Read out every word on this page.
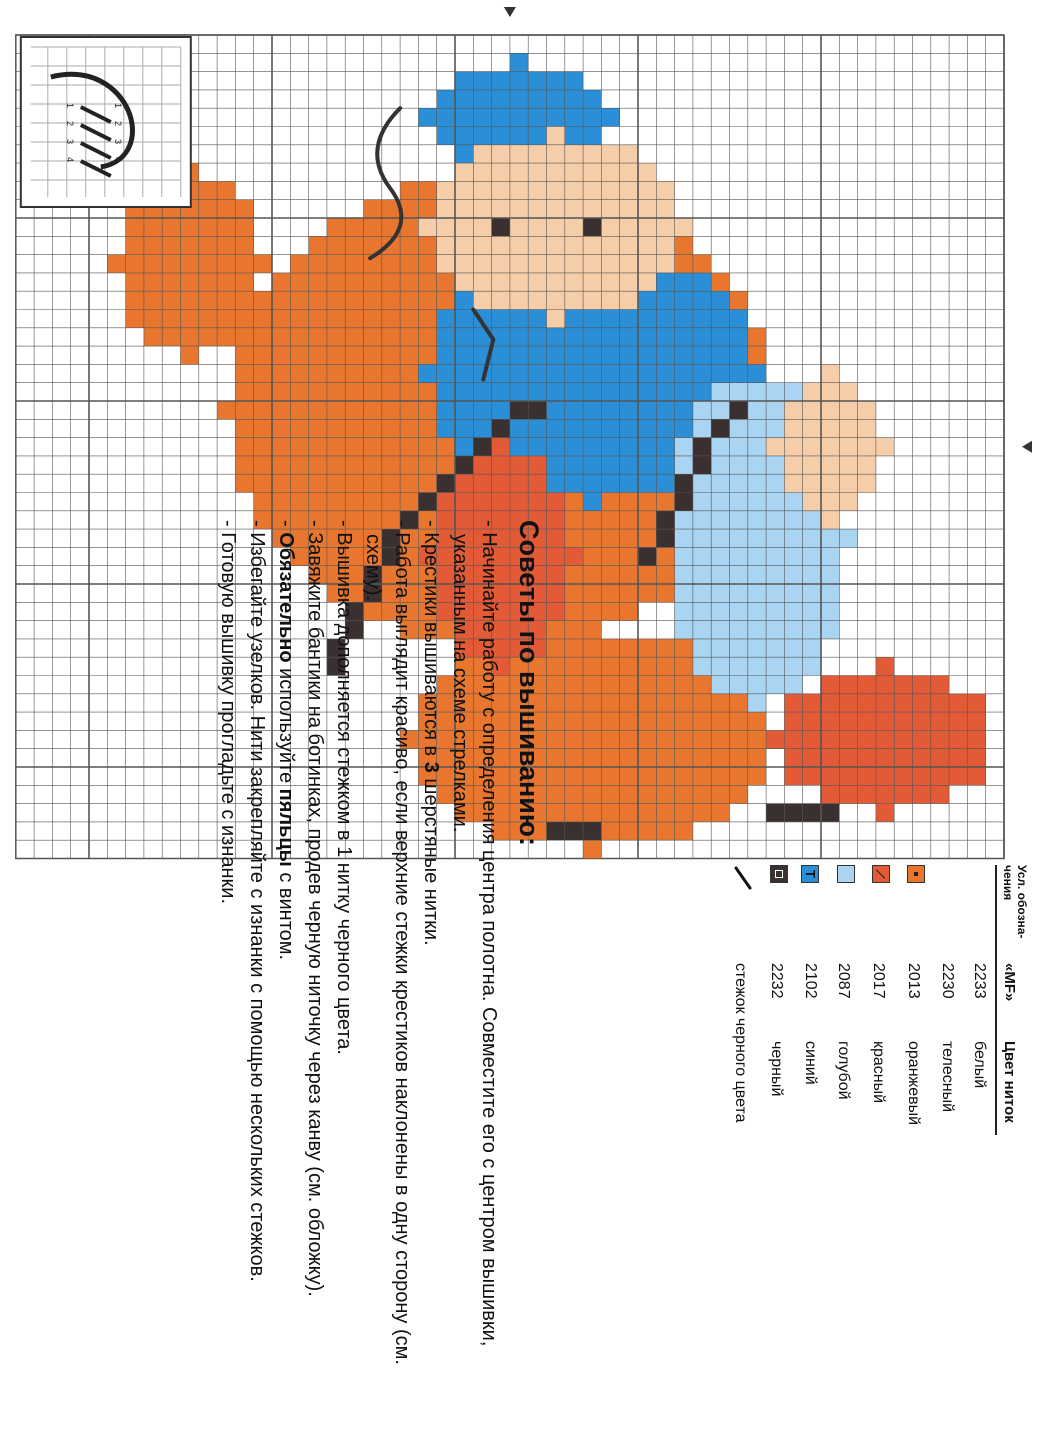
1
2
3
4
1
2
3
4
Усл. обозна- чения	«MF»	Цвет ниток
	2233	белый
	2230	телесный
	2013	оранжевый
	2017	красный
	2087	голубой
T	2102	синий
	2232	черный
	стежок черного цвета	
Советы по вышиванию:
- Начинайте работу с определения центра полотна. Совместите его с центром вышивки, указанным на схеме стрелками.
- Крестики вышиваются в 3 шерстяные нитки.
- Работа выглядит красиво, если верхние стежки крестиков наклонены в одну сторону (см. схему).
- Вышивка дополняется стежком в 1 нитку черного цвета.
- Завяжите бантики на ботинках, продев черную ниточку через канву (см. обложку).
- Обязательно используйте пяльцы с винтом.
- Избегайте узелков. Нити закрепляйте с изнанки с помощью нескольких стежков.
- Готовую вышивку прогладьте с изнанки.
